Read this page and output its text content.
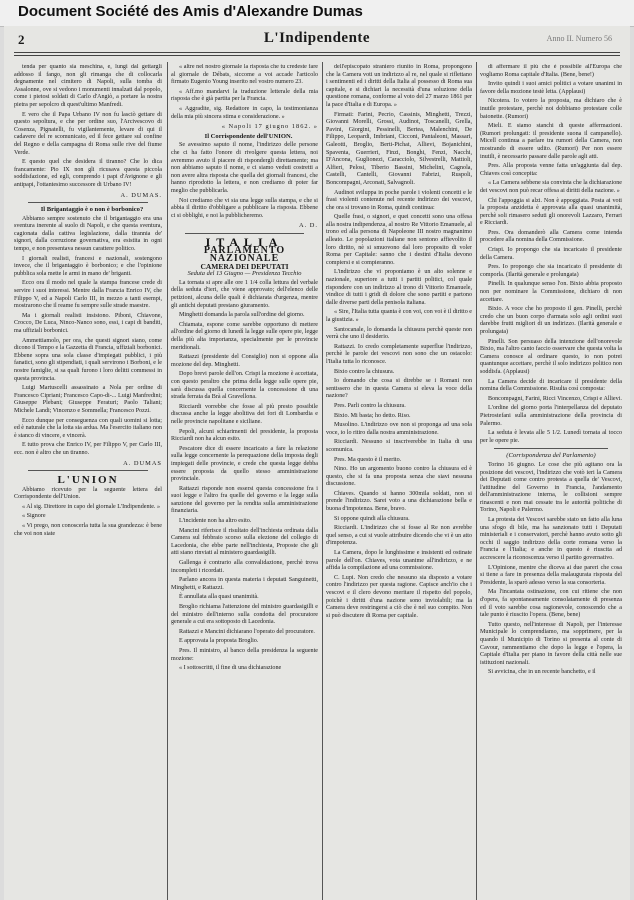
Document Société des Amis d'Alexandre Dumas
2	L'Indipendente	Anno II. Numero 56

tenda per quanto sia meschina, e, lungi dal gettargli addosso il fango, non gli rimanga che di collocarla degnamente nel cimitero di Napoli, sulla tomba di Assalonne, ove si vedono i monumenti innalzati dal popolo, come i pietosi soldati di Carlo d'Angiò, a portare la nostra pietra per sepolcro di quest'ultimo Manfredi.

E vero che il Papa Urbano IV non fu lasciò gettare di questo sepoltura, e che per ordine suo, l'Arcivescovo di Cosenza, Pignatelli, fu vigilantemente, levare di qui il cadavere del re scomunicato, ed il fece gettare sul confine del Regno e della campagna di Roma sulle rive del fiume Verde.

E questo quel che desidera il tiranno? Che lo dica francamente: Pio IX non gli ricusava questa piccola soddisfazione, ed egli, comprendo i papi d'Avignone e gli antipapi, l'ottantesimo successore di Urbano IV!

A. DUMAS.

Il Brigantaggio è o non è borbonico?

Abbiamo sempre sostenuto che il brigantaggio era una sventura inerente al suolo di Napoli, e che questa sventura, cagionata dalla cattiva legislazione, dalla tirannia de' signori, dalla corruzione governativa, era esistita in ogni tempo, e non presentava nessun carattere politico.

I giornali realisti, francesi e nazionali, sostengono invece, che il brigantaggio è borbonico; e che l'opinione pubblica sola mette le armi in mano de' briganti.

Ecco ora il modo nel quale la stampa francese crede di servire i suoi interessi. Mentre dalla Francia Enrico IV, che Filippo V, ed a Napoli Carlo III, in mezzo a tanti esempi, mostrarono che il reame fu sempre sulle strade maestre.

Ma i giornali realisti insistono. Piboni, Chiavone, Crocco, De Luca, Ninco-Nanco sono, essi, i capi di banditi, ma uffiziali borbonici.

Ammettiamolo, per ora, che questi signori siano, come dicono il Tempo e la Gazzetta di Francia, uffiziali borbonici. Ebbene sopra una sola classe d'impiegati pubblici, i più fanatici, sono gli stipendiati, i quali servirono i Borboni, e le nostre famiglie, si sa quali furono i loro delitti commessi in questa provincia.

Luigi Martuscelli assassinato a Nola per ordine di Francesco Cipriani; Francesco Capo-di-... Luigi Manfredini; Giuseppe Plebani; Giuseppe Feraturi; Paolo Taliani; Michele Landi; Vincenzo e Sommella; Francesco Pozzi.

Ecco dunque per conseguenza con quali uomini si lotta; ed è naturale che la lotta sia ardua. Ma l'esercito italiano non è stanco di vincere, e vincerà.

E tutto prova che Enrico IV, per Filippo V, per Carlo III, ecc. non è altro che un tiranno.

A. DUMAS

L'UNION

Abbiamo ricevuto per la seguente lettera del Corrispondente dell'Union.

« Al sig. Direttore in capo del giornale L'Indipendente. »

« Signore

« Vi prego, non conoscerla tutta la sua grandezza: è bene che voi non siate

« altre nel nostro giornale la risposta che tu credeste fare al giornale de Débats, siccome a voi accade l'articolo firmato Eugenio Young inserito nel vostro numero 23.

« Aff.mo mandarvi la traduzione letterale della mia risposta che è già partita per la Francia.

« Aggradite, sig. Redattore in capo, la testimonianza della mia più sincera stima e considerazione. »

« Napoli 17 giugno 1862. »

Il Corrispondente dell'UNION.

Se avessimo saputo il nome, l'indirizzo delle persone che ci ha fatto l'onore di rivolgere questa lettera, noi avremmo avuto il piacere di rispondergli direttamente; ma non abbiamo saputo il nome, e ci siamo veduti costretti a non avere altra risposta che quella dei giornali francesi, che hanno riprodotto la lettera, e non crediamo di poter far meglio che pubblicarla.

Noi crediamo che vi sia una legge sulla stampa, e che si abbia il diritto d'obbligare a pubblicare la risposta. Ebbene ci si obblighi, e noi la pubblicheremo.

A. D.

ITALIA
PARLAMENTO NAZIONALE
CAMERA DEI DEPUTATI
Seduta del 13 Giugno — Presidenza Tecchio

La tornata si apre alle ore 1 1/4 colla lettura del verbale della seduta d'ieri, che viene approvato; dell'elenco delle petizioni, alcuna delle quali è dichiarata d'urgenza, mentre gli antichi deputati prestano giuramento.

Minghetti domanda la parola sull'ordine del giorno.

Chiamata, espone come sarebbe opportuno di mettere all'ordine del giorno di lunedì la legge sulle opere pie, legge della più alta importanza, specialmente per le provincie meridionali.

Rattazzi (presidente del Consiglio) non si oppone alla mozione del dep. Minghetti.

Dopo brevi parole dell'on. Crispi la mozione è accettata, con questo peraltro che prima della legge sulle opere pie, sarà discussa quella concernente la concessione di una strada ferrata da Brà al Gravellona.

Ricciardi vorrebbe che fosse al più presto possibile discussa anche la legge abolitiva dei fori di Lombardia e nelle provincie napolitane e siciliane.

Pepoli, alcuni schiarimenti del presidente, la proposta Ricciardi non ha alcun esito.

Pescatore dice di essere incaricato a fare la relazione sulla legge concernente la perequazione della imposta degli impiegati delle provincie, e crede che questa legge debba essere proposta da quello stesso amministrazione provinciale.

Rattazzi risponde non essersi questa concessione fra i suoi legge e l'altro fra quelle del governo e la legge sulla sanzione del governo per la rendita sulla amministrazione finanziaria.

L'incidente non ha altro esito.

Mancini riferisce il risultato dell'inchiesta ordinata dalla Camera sul febbraio scorso sulla elezione del collegio di Lacedonia, che ebbe parte nell'inchiesta, Proposte che gli atti siano rinviati al ministero guardasigilli.

Gallenga è contrario alla convalidazione, perchè trova incompleti i ricordati.

Parlano ancora in questa materia i deputati Sanguinetti, Minghetti, e Rattazzi.

È annullata alla quasi unanimità.

Broglio richiama l'attenzione del ministro guardasigilli e del ministro dell'interno sulla condotta del procuratore generale a cui era sottoposto di Lacedonia.

Rattazzi e Mancini dichiarano l'operato del procuratore.

E approvata la proposta Broglio.

Pres. Il ministro, al banco della presidenza la seguente mozione:

« I sottoscritti, il fine di una dichiarazione

dell'episcopato straniero riunito in Roma, propongono che la Camera voti un indirizzo al re, nel quale si riflettano i sentimenti ed i diritti della Italia al possesso di Roma sua capitale, e si dichiari la necessità d'una soluzione della questione romana, conforme al voto del 27 marzo 1861 per la pace d'Italia e di Europa. »

Firmati: Farini, Pecrio, Cassinis, Minghetti, Trezzi, Giovanni Morelli, Grossi, Audinot, Toscanelli, Grella, Pavini, Giorgini, Pessinelli, Bertea, Malenchini, De Filippo, Leopardi, Imbriani, Cicconi, Pantaleoni, Massari, Galeotti, Broglio, Berti-Pichat, Allievi, Bojanichini, Spaventa, Guerrieri, Finzi, Bonghi, Fenzi, Nacchi, D'Ancona, Guglionezi, Caracciolo, Silvestrelli, Mattioli, Alfieri, Pelosi, Tiberio Bassini, Michelini, Cagnola, Castelli, Cantelli, Giovanni Fabrizi, Ruspoli, Boncompagni, Arconati, Salvagnoli.

Audinot sviluppa in poche parole i violenti concetti e le frasi violenti contenute nel recente indirizzo dei vescovi, che ora si trovano in Roma, quindi continua:

Quelle frasi, o signori, e quei concetti sono una offesa alla nostra indipendenza, al nostro Re Vittorio Emanuele, al trono ed alla persona di Napoleone III nostro magnanimo alleato. Le popolazioni italiane non sentono affievolito il loro diritto, nè si smuovono dal loro proposito di voler Roma per Capitale: sanno che i destini d'Italia devono compiersi e si compieranno.

L'indirizzo che vi proponiamo è un alto solenne e nazionale, superiore a tutti i partiti politici, col quale rispondere con un indirizzo al trono di Vittorio Emanuele, vindice di tutti i gridi di dolore che sono partiti e partono dalle diverse parti della penisola italiana.

« Sire, l'Italia tutta quanta è con voi, con voi è il diritto e la giustizia. »

Santocanale, lo domanda la chiusura perchè queste non verrà che uno il desiderio.

Rattazzi. Io credo completamente superflue l'indirizzo, perchè le parole dei vescovi non sono che un ostacolo: l'Italia tutta lo riconosce.

Bixio contro la chiusura.

Io domando che cosa si direbbe se i Romani non sentissero che in questa Camera si eleva la voce della nazione?

Pres. Parli contro la chiusura.

Bixio. Mi basta; ho detto. Riso.

Musolino. L'indirizzo ove non si proponga ad una sola voce, io lo ritiro dalla nostra amministrazione.

Ricciardi. Nessuno si inscriverebbe in Italia di una scomunica.

Pres. Ma questo è il merito.

Nino. Ho un argomento buono contro la chiusura ed è questo, che si fa una proposta senza che siavi nessuna discussione.

Chiaves. Quando si hanno 300mila soldati, non si prende l'indirizzo. Sarei voto a una dichiarazione bella e buona d'impotenza. Bene, bravo.

Si oppone quindi alla chiusura.

Ricciardi. L'indirizzo che si fosse al Re non avrebbe quel senso, a cui si vuole attribuire dicendo che vi è un atto d'impotenza.

La Camera, dopo le lunghissime e insistenti ed ostinate parole dell'on. Chiaves, vota unanime all'indirizzo, e ne affida la compilazione ad una commissione.

C. Lupi. Non credo che nessuno sia disposto a votare contro l'indirizzo per questa ragione. Capisce anch'io che i vescovi e il clero devono meritare il rispetto del popolo, poichè i diritti d'una nazione sono inviolabili; ma la Camera deve restringersi a ciò che è nel suo compito. Non si può discutere di Roma per capitale.

di affermare il più che è possibile all'Europa che vogliamo Roma capitale d'Italia. (Bene, bene!)

Invito quindi i suoi amici politici a votare unanimi in favore della mozione testè letta. (Applausi)

Nicotera. Io votero la proposta, ma dichiaro che è inutile protestare, perchè noi dobbiamo protestare colle baionette. (Rumori)

Mieli. E siamo stanchi di queste affermazioni. (Rumori prolungati: il presidente suona il campanello). Micell continua a parlare tra rumori della Camera, non mostrando di essere udito. (Rumori) Per non essere inutili, è necessario passare dalle parole agli atti.

Pres. Alla proposta venne fatta un'aggiunta dal dep. Chiaves così concepita:

« La Camera sebbene sia convinta che la dichiarazione dei vescovi non può recar offesa ai diritti della nazione. »

Chi l'appoggia si alzi. Non è appoggiata. Posta ai voti la proposta anzidetta è approvata alla quasi unanimità, perchè soli rimasero seduti gli onorevoli Lazzaro, Ferrari e Ricciardi.

Pres. Ora domanderò alla Camera come intenda procedere alla nomina della Commissione.

Crispi. Io propongo che sia incaricato il presidente della Camera.

Pres. Io propongo che sia incaricato il presidente di comporla. (Ilarità generale e prolungata)

Pinelli. In qualunque senso l'on. Bixio abbia proposto non per nominare la Commissione, dichiaro di non accettare.

Bixio. A voce che ho proposto il gen. Pinelli, perchè credo che un buon corpo d'armata solo agli ordini suoi darebbe frutti migliori di un indirizzo. (Ilarità generale e prolungata)

Pinelli. Son persuaso della intenzione dell'onorevole Bixio, ma l'altro canto faccio osservare che questa volta la Camera conosce al ordinare questo, io non potrei quantunque accettare, perchè il solo indirizzo politico non soddisfa. (Applausi)

La Camera decide di incaricare il presidente della nomina della Commissione. Risulta così composta:

Boncompagni, Farini, Ricci Vincenzo, Crispi e Allievi.

L'ordine del giorno porta l'interpellanza del deputato Pietrostefani sulla amministrazione della provincia di Palermo.

La seduta è levata alle 5 1/2. Lunedì tornata al tocco per le opere pie.

(Corrispondenza del Parlamento)

Torino 16 giugno. Le cose che più agitano ora la posizione dei vescovi, l'indirizzo che votò ieri la Camera dei Deputati come contro protesta a quella de' Vescovi, l'attitudine del Governo in Francia, l'andamento dell'amministrazione interna, le collisioni sempre rinascenti e non mai cessate tra le autorità politiche di Torino, Napoli e Palermo.

La protesta dei Vescovi sarebbe stato un fatto alla luna una sfogo di bile, ma ha sanzionato tutti i Deputati ministeriali e i conservatori, perchè hanno avuto sotto gli occhi il saggio indirizzo della corte romana verso la Francia e l'Italia; e anche in questo è riuscita ad accrescere la riconoscenza verso il partito governativo.

L'Opinione, mentre che diceva ai due pareri che cosa si tiene a fare in presenza della malaugurata risposta del Presidente, la sparò adesso verso la sua consorteria.

Ma l'incantata ostinazione, con cui ritiene che non d'opera, fa spontaneamente consolatamente di presenza ed il voto sarebbe cosa ragionevole, conoscendo che a tale punto è riuscito l'opera. (Bene, bene)

Tutto questo, nell'interesse di Napoli, per l'interesse Municipale lo comprendiamo, ma sopprimere, per la quando il Municipio di Torino si presenta al conte di Cavour, rammentiamo che dopo la legge e l'opera, la Capitale d'Italia per piano in favore della città nelle sue istituzioni nazionali.

Si avvicina, che in un recente banchetto, e il
